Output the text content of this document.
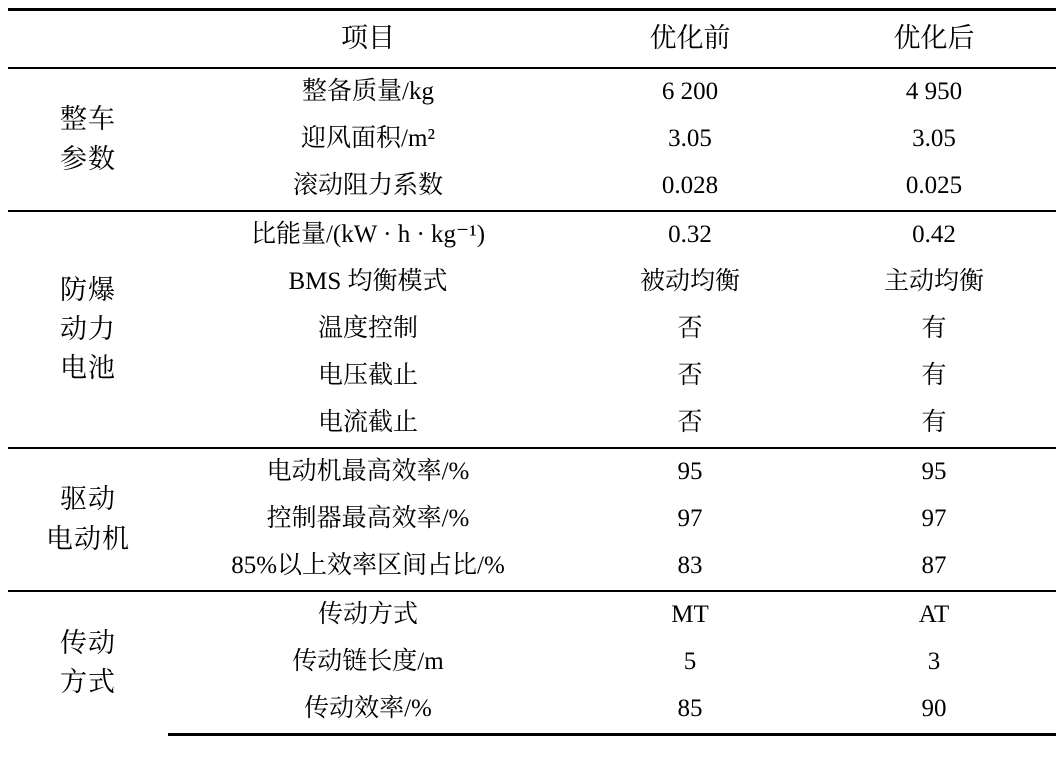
	项目	优化前	优化后

整车
参数	整备质量/kg	6 200	4 950
	迎风面积/m²	3.05	3.05
	滚动阻力系数	0.028	0.025

防爆
动力
电池	比能量/(kW · h · kg⁻¹)	0.32	0.42
	BMS 均衡模式	被动均衡	主动均衡
	温度控制	否	有
	电压截止	否	有
	电流截止	否	有

驱动
电动机	电动机最高效率/%	95	95
	控制器最高效率/%	97	97
	85%以上效率区间占比/%	83	87

传动
方式	传动方式	MT	AT
	传动链长度/m	5	3
	传动效率/%	85	90
